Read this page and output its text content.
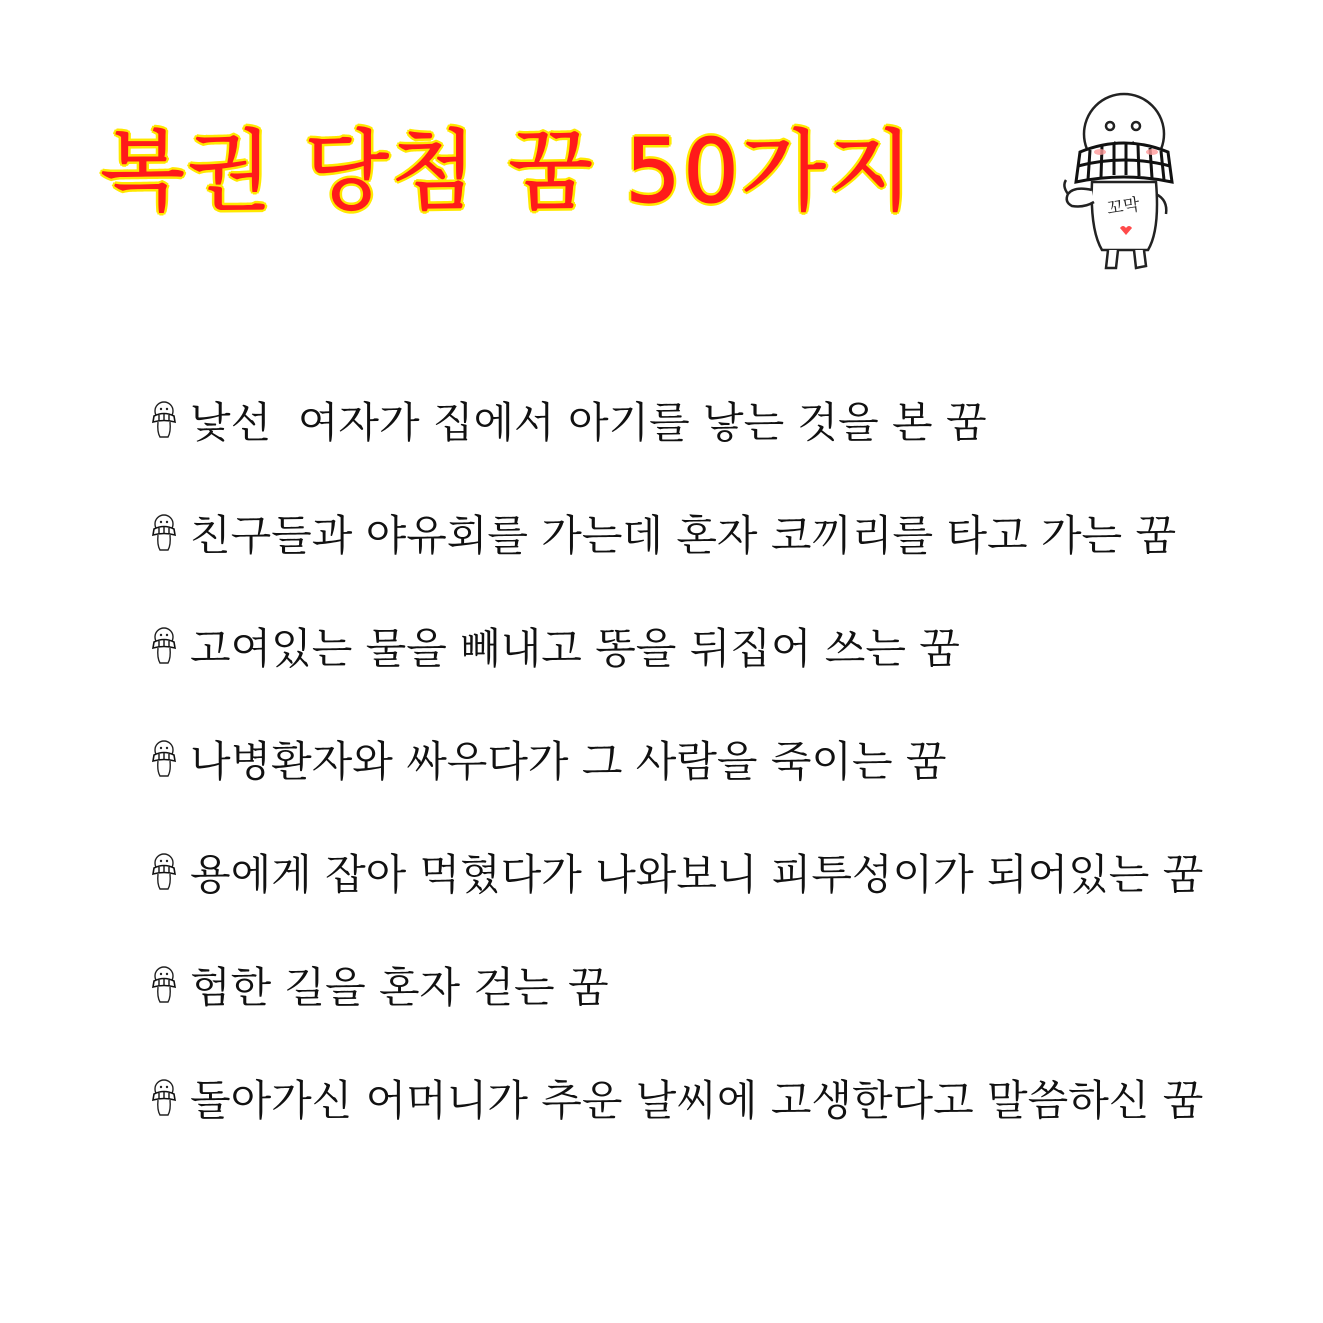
복권 당첨 꿈 50가지	꼬막
낯선  여자가 집에서 아기를 낳는 것을 본 꿈
친구들과 야유회를 가는데 혼자 코끼리를 타고 가는 꿈
고여있는 물을 빼내고 똥을 뒤집어 쓰는 꿈
나병환자와 싸우다가 그 사람을 죽이는 꿈
용에게 잡아 먹혔다가 나와보니 피투성이가 되어있는 꿈
험한 길을 혼자 걷는 꿈
돌아가신 어머니가 추운 날씨에 고생한다고 말씀하신 꿈
